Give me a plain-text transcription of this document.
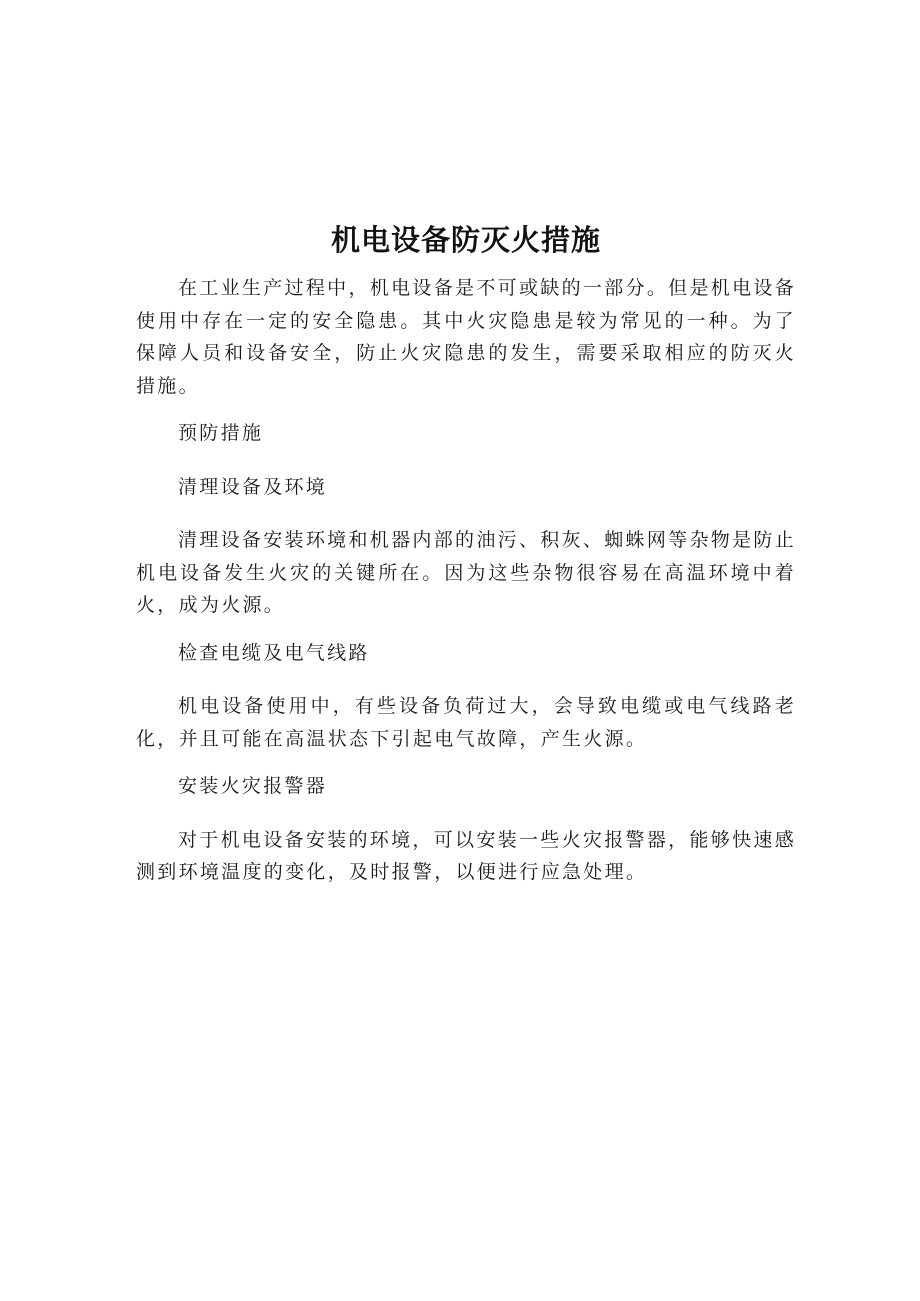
机电设备防灭火措施

在工业生产过程中，机电设备是不可或缺的一部分。但是机电设备使用中存在一定的安全隐患。其中火灾隐患是较为常见的一种。为了保障人员和设备安全，防止火灾隐患的发生，需要采取相应的防灭火措施。

预防措施

清理设备及环境

清理设备安装环境和机器内部的油污、积灰、蜘蛛网等杂物是防止机电设备发生火灾的关键所在。因为这些杂物很容易在高温环境中着火，成为火源。

检查电缆及电气线路

机电设备使用中，有些设备负荷过大，会导致电缆或电气线路老化，并且可能在高温状态下引起电气故障，产生火源。

安装火灾报警器

对于机电设备安装的环境，可以安装一些火灾报警器，能够快速感测到环境温度的变化，及时报警，以便进行应急处理。
